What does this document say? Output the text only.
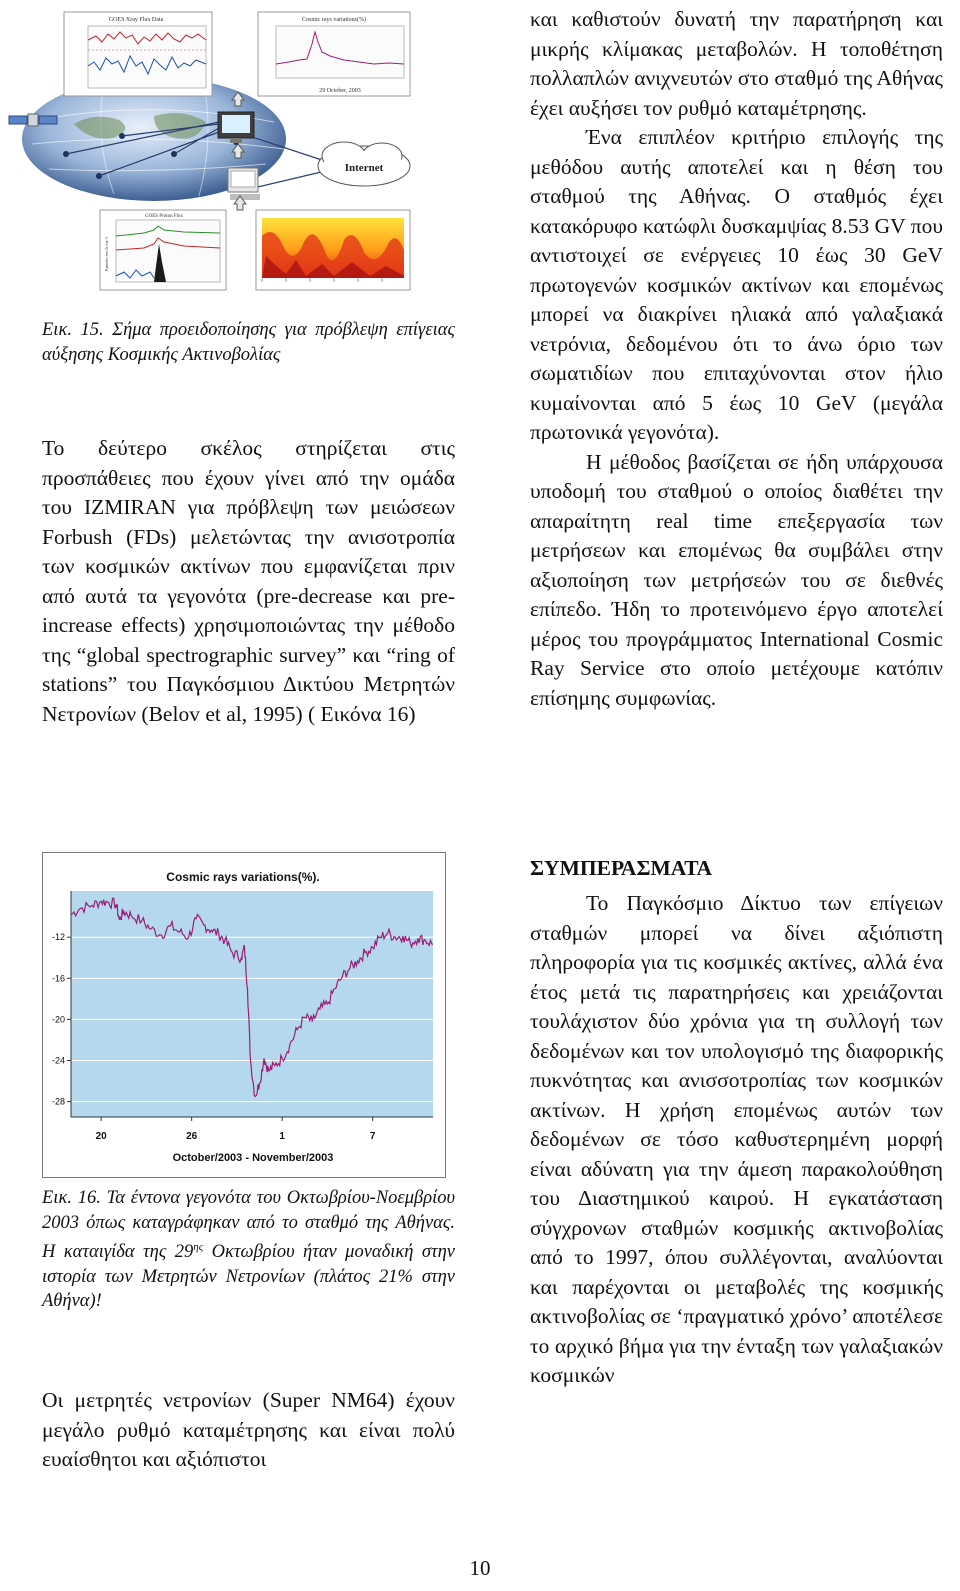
GOES Xray Flux Data	Cosmic rays variations(%)
29 October, 2003
Internet
GOES Proton Flux
Particles cm-2s-1sr-1

Εικ. 15. Σήμα προειδοποίησης για πρόβλεψη επίγειας αύξησης Κοσμικής Ακτινοβολίας

Το δεύτερο σκέλος στηρίζεται στις προσπάθειες που έχουν γίνει από την ομάδα του IZMIRAN για πρόβλεψη των μειώσεων Forbush (FDs) μελετώντας την ανισοτροπία των κοσμικών ακτίνων που εμφανίζεται πριν από αυτά τα γεγονότα (pre-decrease και pre-increase effects) χρησιμοποιώντας την μέθοδο της “global spectrographic survey” και “ring of stations” του Παγκόσμιου Δικτύου Μετρητών Νετρονίων (Belov et al, 1995) ( Εικόνα 16)

-12
-16
-20
-24
-28
20	26	1	7
Cosmic rays variations(%).
October/2003 - November/2003

Εικ. 16. Τα έντονα γεγονότα του Οκτωβρίου-Νοεμβρίου 2003 όπως καταγράφηκαν από το σταθμό της Αθήνας. Η καταιγίδα της $29^{\eta\varsigma}$ Οκτωβρίου ήταν μοναδική στην ιστορία των Μετρητών Νετρονίων (πλάτος 21% στην Αθήνα)!

Οι μετρητές νετρονίων (Super NM64) έχουν μεγάλο ρυθμό καταμέτρησης και είναι πολύ ευαίσθητοι και αξιόπιστοι

και καθιστούν δυνατή την παρατήρηση και μικρής κλίμακας μεταβολών. Η τοποθέτηση πολλαπλών ανιχνευτών στο σταθμό της Αθήνας έχει αυξήσει τον ρυθμό καταμέτρησης.

Ένα επιπλέον κριτήριο επιλογής της μεθόδου αυτής αποτελεί και η θέση του σταθμού της Αθήνας. Ο σταθμός έχει κατακόρυφο κατώφλι δυσκαμψίας 8.53 GV που αντιστοιχεί σε ενέργειες 10 έως 30 GeV πρωτογενών κοσμικών ακτίνων και επομένως μπορεί να διακρίνει ηλιακά από γαλαξιακά νετρόνια, δεδομένου ότι το άνω όριο των σωματιδίων που επιταχύνονται στον ήλιο κυμαίνονται από 5 έως 10 GeV (μεγάλα πρωτονικά γεγονότα).

Η μέθοδος βασίζεται σε ήδη υπάρχουσα υποδομή του σταθμού ο οποίος διαθέτει την απαραίτητη real time επεξεργασία των μετρήσεων και επομένως θα συμβάλει στην αξιοποίηση των μετρήσεών του σε διεθνές επίπεδο. Ήδη το προτεινόμενο έργο αποτελεί μέρος του προγράμματος International Cosmic Ray Service στο οποίο μετέχουμε κατόπιν επίσημης συμφωνίας.

ΣΥΜΠΕΡΑΣΜΑΤΑ

Το Παγκόσμιο Δίκτυο των επίγειων σταθμών μπορεί να δίνει αξιόπιστη πληροφορία για τις κοσμικές ακτίνες, αλλά ένα έτος μετά τις παρατηρήσεις και χρειάζονται τουλάχιστον δύο χρόνια για τη συλλογή των δεδομένων και τον υπολογισμό της διαφορικής πυκνότητας και ανισσοτροπίας των κοσμικών ακτίνων. Η χρήση επομένως αυτών των δεδομένων σε τόσο καθυστερημένη μορφή είναι αδύνατη για την άμεση παρακολούθηση του Διαστημικού καιρού. Η εγκατάσταση σύγχρονων σταθμών κοσμικής ακτινοβολίας από το 1997, όπου συλλέγονται, αναλύονται και παρέχονται οι μεταβολές της κοσμικής ακτινοβολίας σε ‘πραγματικό χρόνο’ αποτέλεσε το αρχικό βήμα για την ένταξη των γαλαξιακών κοσμικών

10
